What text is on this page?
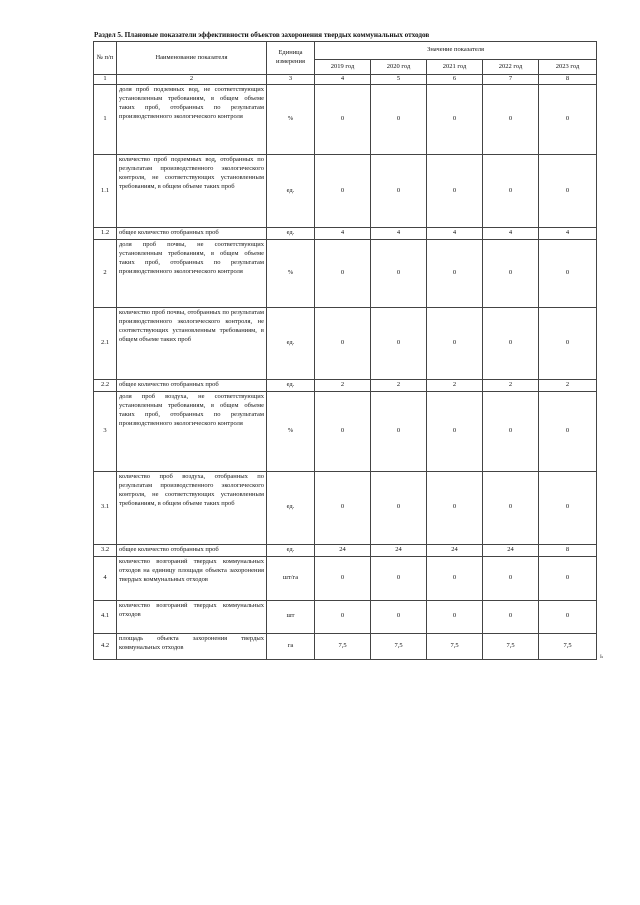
Раздел 5. Плановые показатели эффективности объектов захоронения твердых коммунальных отходов
№ п/п	Наименование показателя	Единица измерения	Значение показателя				
			2019 год	2020 год	2021 год	2022 год	2023 год
1	2	3	4	5	6	7	8
1	доля проб подземных вод, не соответствующих установленным требованиям, в общем объеме таких проб, отобранных по результатам производственного экологического контроля	%	0	0	0	0	0
1.1	количество проб подземных вод, отобранных по результатам производственного экологического контроля, не соответствующих установленным требованиям, в общем объеме таких проб	ед.	0	0	0	0	0
1.2	общее количество отобранных проб	ед.	4	4	4	4	4
2	доля проб почвы, не соответствующих установленным требованиям, в общем объеме таких проб, отобранных по результатам производственного экологического контроля	%	0	0	0	0	0
2.1	количество проб почвы, отобранных по результатам производственного экологического контроля, не соответствующих установленным требованиям, в общем объеме таких проб	ед.	0	0	0	0	0
2.2	общее количество отобранных проб	ед.	2	2	2	2	2
3	доля проб воздуха, не соответствующих установленным требованиям, в общем объеме таких проб, отобранных по результатам производственного экологического контроля	%	0	0	0	0	0
3.1	количество проб воздуха, отобранных по результатам производственного экологического контроля, не соответствующих установленным требованиям, в общем объеме таких проб	ед.	0	0	0	0	0
3.2	общее количество отобранных проб	ед.	24	24	24	24	8
4	количество возгораний твердых коммунальных отходов на единицу площади объекта захоронения твердых коммунальных отходов	шт/га	0	0	0	0	0
4.1	количество возгораний твердых коммунальных отходов	шт	0	0	0	0	0
4.2	площадь объекта захоронения твердых коммунальных отходов	га	7,5	7,5	7,5	7,5	7,5
ь
